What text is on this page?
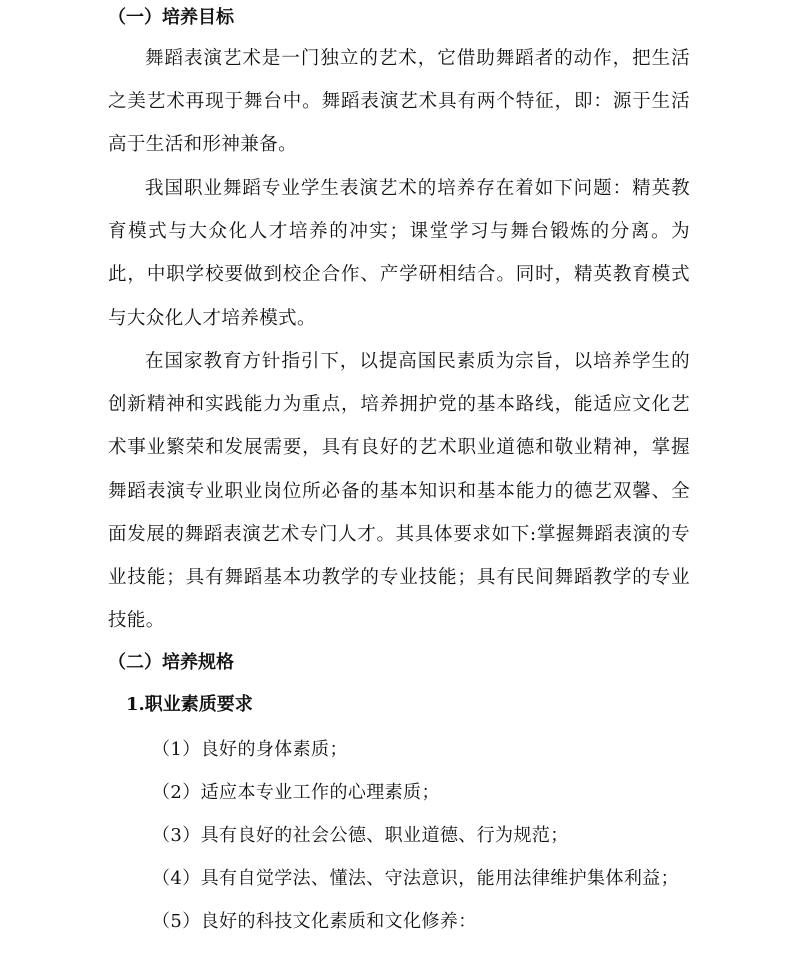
（一）培养目标

舞蹈表演艺术是一门独立的艺术，它借助舞蹈者的动作，把生活之美艺术再现于舞台中。舞蹈表演艺术具有两个特征，即：源于生活高于生活和形神兼备。

我国职业舞蹈专业学生表演艺术的培养存在着如下问题：精英教育模式与大众化人才培养的冲实；课堂学习与舞台锻炼的分离。为此，中职学校要做到校企合作、产学研相结合。同时，精英教育模式与大众化人才培养模式。

在国家教育方针指引下，以提高国民素质为宗旨，以培养学生的创新精神和实践能力为重点，培养拥护党的基本路线，能适应文化艺术事业繁荣和发展需要，具有良好的艺术职业道德和敬业精神，掌握舞蹈表演专业职业岗位所必备的基本知识和基本能力的德艺双馨、全面发展的舞蹈表演艺术专门人才。其具体要求如下:掌握舞蹈表演的专业技能；具有舞蹈基本功教学的专业技能；具有民间舞蹈教学的专业技能。

（二）培养规格
1.职业素质要求
（1）良好的身体素质；
（2）适应本专业工作的心理素质；
（3）具有良好的社会公德、职业道德、行为规范；
（4）具有自觉学法、懂法、守法意识，能用法律维护集体利益；
（5）良好的科技文化素质和文化修养：
